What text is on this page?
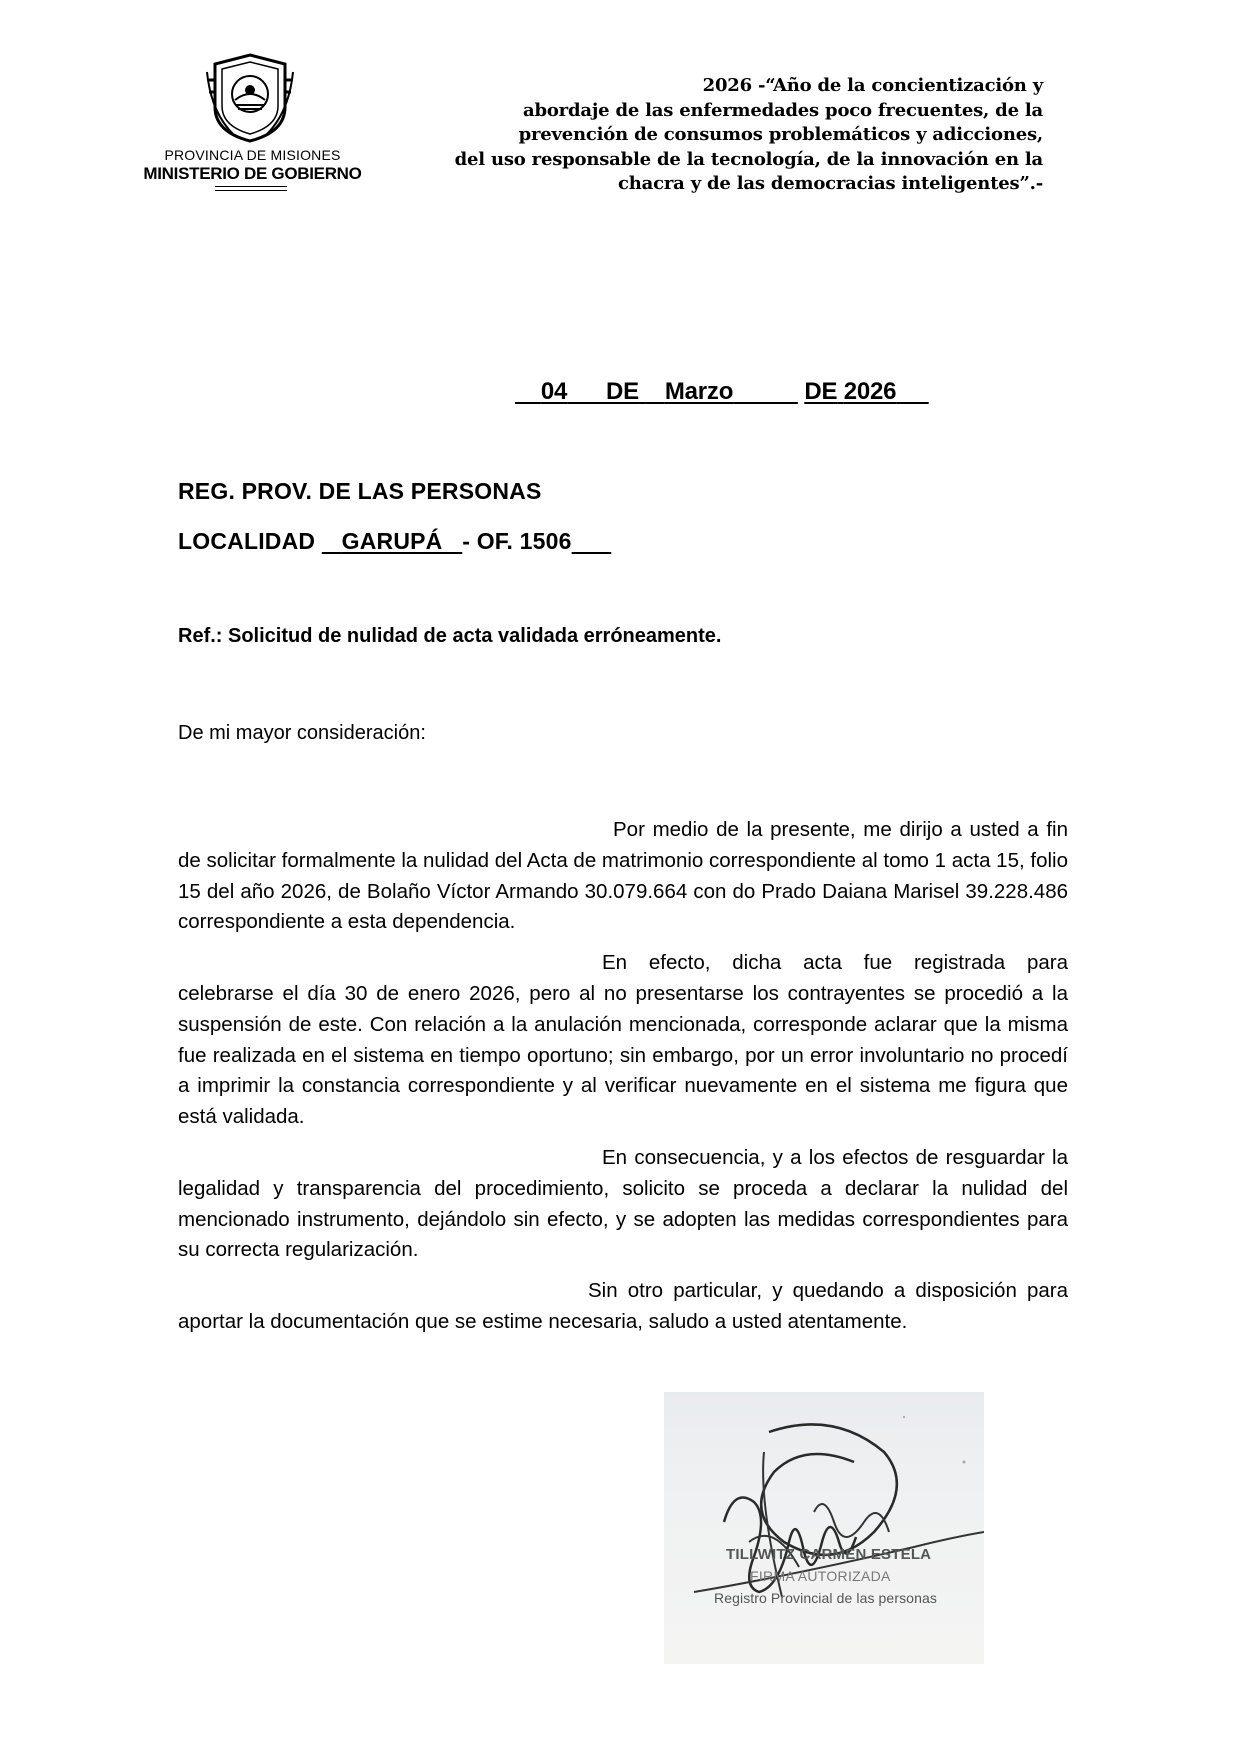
PROVINCIA DE MISIONES
MINISTERIO DE GOBIERNO
2026 -“Año de la concientización y
abordaje de las enfermedades poco frecuentes, de la
prevención de consumos problemáticos y adicciones,
del uso responsable de la tecnología, de la innovación en la
chacra y de las democracias inteligentes”.-
04 DE Marzo	DE 2026
REG. PROV. DE LAS PERSONAS
LOCALIDAD GARUPÁ - OF. 1506
Ref.: Solicitud de nulidad de acta validada erróneamente.
De mi mayor consideración:

Por medio de la presente, me dirijo a usted a fin de solicitar formalmente la nulidad del Acta de matrimonio correspondiente al tomo 1 acta 15, folio 15 del año 2026, de Bolaño Víctor Armando 30.079.664 con do Prado Daiana Marisel 39.228.486 correspondiente a esta dependencia.

En efecto, dicha acta fue registrada para celebrarse el día 30 de enero 2026, pero al no presentarse los contrayentes se procedió a la suspensión de este. Con relación a la anulación mencionada, corresponde aclarar que la misma fue realizada en el sistema en tiempo oportuno; sin embargo, por un error involuntario no procedí a imprimir la constancia correspondiente y al verificar nuevamente en el sistema me figura que está validada.

En consecuencia, y a los efectos de resguardar la legalidad y transparencia del procedimiento, solicito se proceda a declarar la nulidad del mencionado instrumento, dejándolo sin efecto, y se adopten las medidas correspondientes para su correcta regularización.

Sin otro particular, y quedando a disposición para aportar la documentación que se estime necesaria, saludo a usted atentamente.

TILLWITZ CARMEN ESTELA
FIRMA AUTORIZADA
Registro Provincial de las personas
